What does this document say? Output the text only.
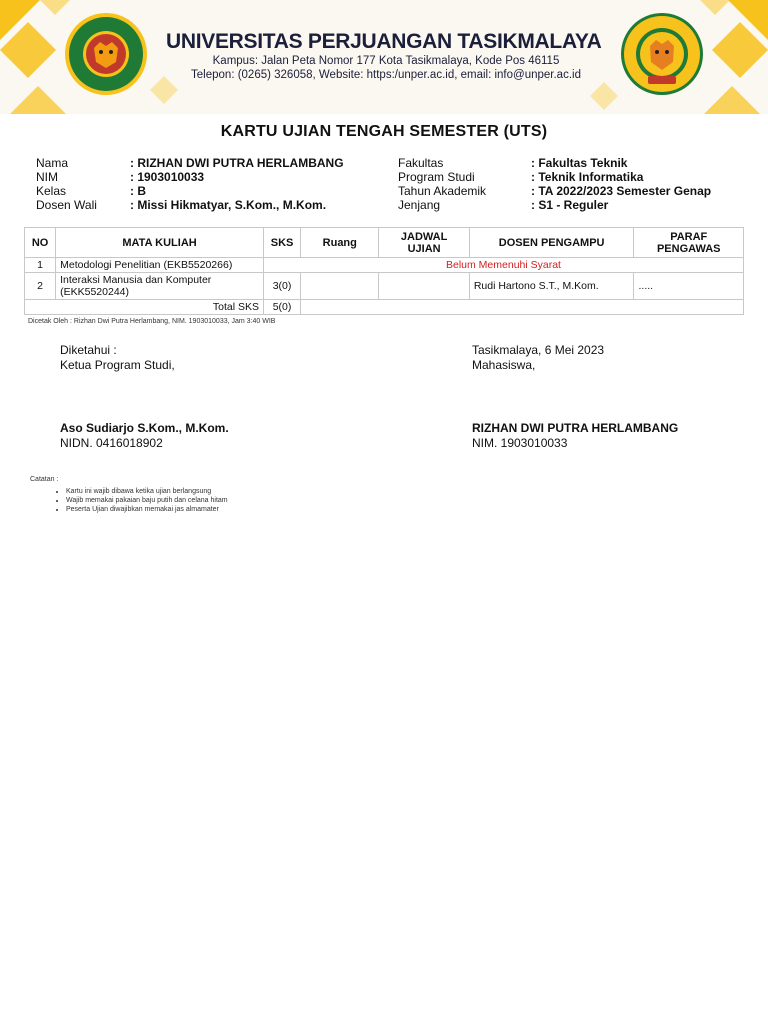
UNIVERSITAS PERJUANGAN TASIKMALAYA
Kampus: Jalan Peta Nomor 177 Kota Tasikmalaya, Kode Pos 46115
Telepon: (0265) 326058, Website: https:/unper.ac.id, email: info@unper.ac.id
KARTU UJIAN TENGAH SEMESTER (UTS)
Nama	: RIZHAN DWI PUTRA HERLAMBANG
NIM	: 1903010033
Kelas	: B
Dosen Wali	: Missi Hikmatyar, S.Kom., M.Kom.
Fakultas	: Fakultas Teknik
Program Studi	: Teknik Informatika
Tahun Akademik	: TA 2022/2023 Semester Genap
Jenjang	: S1 - Reguler
NO	MATA KULIAH	SKS	Ruang	JADWAL UJIAN	DOSEN PENGAMPU	PARAF PENGAWAS
1	Metodologi Penelitian (EKB5520266)	Belum Memenuhi Syarat				
2	Interaksi Manusia dan Komputer (EKK5520244)	3(0)			Rudi Hartono S.T., M.Kom.	.....
Total SKS		5(0)				
Dicetak Oleh : Rizhan Dwi Putra Herlambang, NIM. 1903010033, Jam 3:40 WIB
Diketahui :
Ketua Program Studi,
Aso Sudiarjo S.Kom., M.Kom.
NIDN. 0416018902
Tasikmalaya, 6 Mei 2023
Mahasiswa,
RIZHAN DWI PUTRA HERLAMBANG
NIM. 1903010033
Catatan :
• Kartu ini wajib dibawa ketika ujian berlangsung
• Wajib memakai pakaian baju putih dan celana hitam
• Peserta Ujian diwajibkan memakai jas almamater
